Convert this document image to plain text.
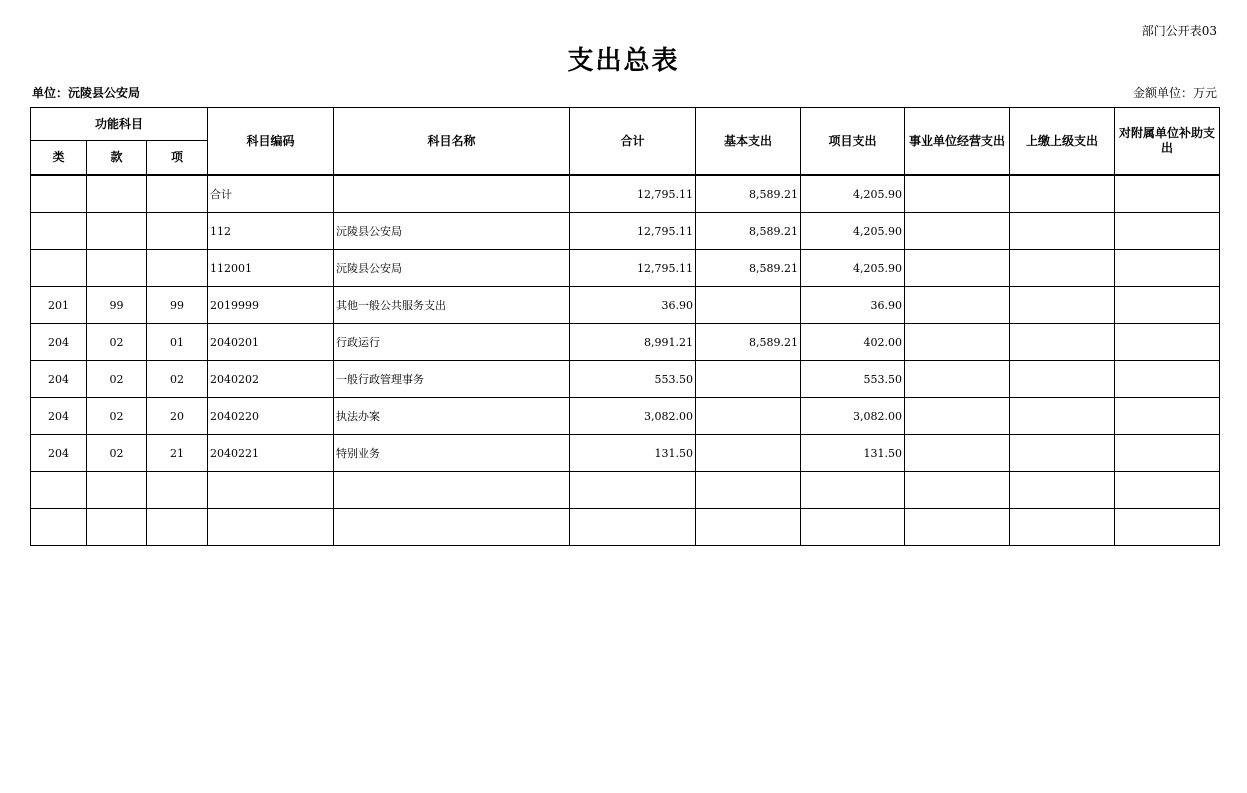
部门公开表03
支出总表
单位：沅陵县公安局	金额单位：万元
功能科目			科目编码	科目名称	合计	基本支出	项目支出	事业单位经营支出	上缴上级支出	对附属单位补助支出
类	款	项								
			合计		12,795.11	8,589.21	4,205.90			
			112	沅陵县公安局	12,795.11	8,589.21	4,205.90			
			112001	沅陵县公安局	12,795.11	8,589.21	4,205.90			
201	99	99	2019999	其他一般公共服务支出	36.90		36.90			
204	02	01	2040201	行政运行	8,991.21	8,589.21	402.00			
204	02	02	2040202	一般行政管理事务	553.50		553.50			
204	02	20	2040220	执法办案	3,082.00		3,082.00			
204	02	21	2040221	特别业务	131.50		131.50			
